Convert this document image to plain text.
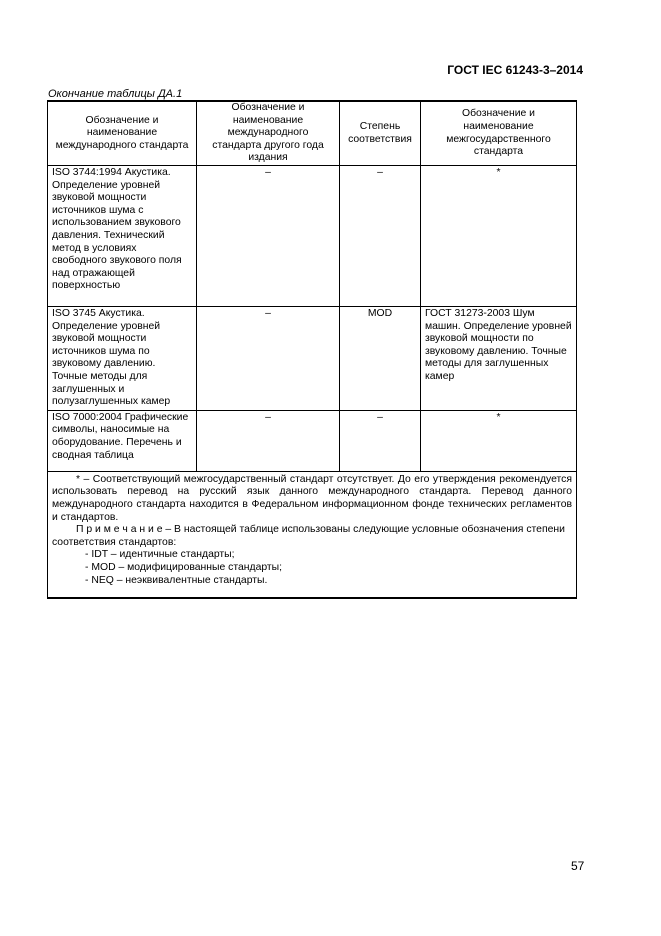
ГОСТ IEC 61243-3–2014
Окончание таблицы ДА.1
Обозначение и наименование международного стандарта	Обозначение и наименование международного стандарта другого года издания	Степень соответствия	Обозначение и наименование межгосударственного стандарта
ISO 3744:1994 Акустика. Определение уровней звуковой мощности источников шума с использованием звукового давления. Технический метод в условиях свободного звукового поля над отражающей поверхностью	–	–	*
ISO 3745 Акустика. Определение уровней звуковой мощности источников шума по звуковому давлению. Точные методы для заглушенных и полузаглушенных камер	–	MOD	ГОСТ 31273-2003 Шум машин. Определение уровней звуковой мощности по звуковому давлению. Точные методы для заглушенных камер
ISO 7000:2004 Графические символы, наносимые на оборудование. Перечень и сводная таблица	–	–	*

* – Соответствующий межгосударственный стандарт отсутствует. До его утверждения рекомендуется использовать перевод на русский язык данного международного стандарта. Перевод данного международного стандарта находится в Федеральном информационном фонде технических регламентов и стандартов.

П р и м е ч а н и е – В настоящей таблице использованы следующие условные обозначения степени соответствия стандартов:

- IDT – идентичные стандарты;

- MOD – модифицированные стандарты;

- NEQ – неэквивалентные стандарты.			

57
